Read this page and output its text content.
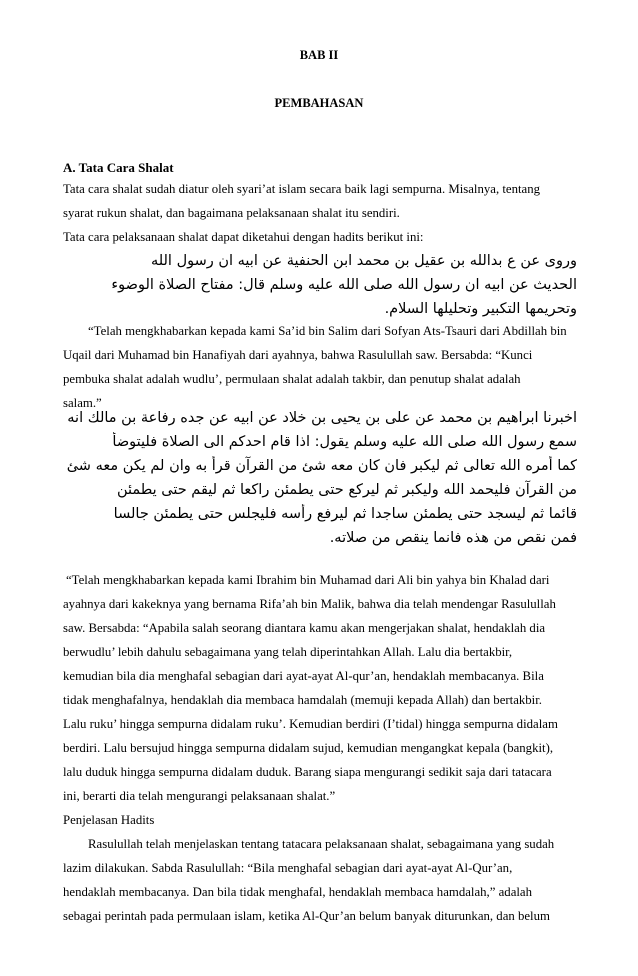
BAB II
PEMBAHASAN
A. Tata Cara Shalat
Tata cara shalat sudah diatur oleh syari’at islam secara baik lagi sempurna. Misalnya, tentang
syarat rukun shalat, dan bagaimana pelaksanaan shalat itu sendiri.
Tata cara pelaksanaan shalat dapat diketahui dengan hadits berikut ini:
وروى عن ع بدالله بن عقيل بن محمد ابن الحنفية عن ابيه ان رسول الله
الحديث عن ابيه ان رسول الله صلى الله عليه وسلم قال: مفتاح الصلاة الوضوء
وتحريمها التكبير وتحليلها السلام.
“Telah mengkhabarkan kepada kami Sa’id bin Salim dari Sofyan Ats-Tsauri dari Abdillah bin
Uqail dari Muhamad bin Hanafiyah dari ayahnya, bahwa Rasulullah saw. Bersabda: “Kunci
pembuka shalat adalah wudlu’, permulaan shalat adalah takbir, dan penutup shalat adalah
salam.”
اخبرنا ابراهيم بن محمد عن على بن يحيى بن خلاد عن ابيه عن جده رفاعة بن مالك انه
سمع رسول الله صلى الله عليه وسلم يقول: اذا قام احدكم الى الصلاة فليتوضأ
كما أمره الله تعالى ثم ليكبر فان كان معه شئ من القرآن قرأ به وان لم يكن معه شئ
من القرآن فليحمد الله وليكبر ثم ليركع حتى يطمئن راكعا ثم ليقم حتى يطمئن
قائما ثم ليسجد حتى يطمئن ساجدا ثم ليرفع رأسه فليجلس حتى يطمئن جالسا
فمن نقص من هذه فانما ينقص من صلاته.
“Telah mengkhabarkan kepada kami Ibrahim bin Muhamad dari Ali bin yahya bin Khalad dari
ayahnya dari kakeknya yang bernama Rifa’ah bin Malik, bahwa dia telah mendengar Rasulullah
saw. Bersabda: “Apabila salah seorang diantara kamu akan mengerjakan shalat, hendaklah dia
berwudlu’ lebih dahulu sebagaimana yang telah diperintahkan Allah. Lalu dia bertakbir,
kemudian bila dia menghafal sebagian dari ayat-ayat Al-qur’an, hendaklah membacanya. Bila
tidak menghafalnya, hendaklah dia membaca hamdalah (memuji kepada Allah) dan bertakbir.
Lalu ruku’ hingga sempurna didalam ruku’. Kemudian berdiri (I’tidal) hingga sempurna didalam
berdiri. Lalu bersujud hingga sempurna didalam sujud, kemudian mengangkat kepala (bangkit),
lalu duduk hingga sempurna didalam duduk. Barang siapa mengurangi sedikit saja dari tatacara
ini, berarti dia telah mengurangi pelaksanaan shalat.”
Penjelasan Hadits
Rasulullah telah menjelaskan tentang tatacara pelaksanaan shalat, sebagaimana yang sudah
lazim dilakukan. Sabda Rasulullah: “Bila menghafal sebagian dari ayat-ayat Al-Qur’an,
hendaklah membacanya. Dan bila tidak menghafal, hendaklah membaca hamdalah,” adalah
sebagai perintah pada permulaan islam, ketika Al-Qur’an belum banyak diturunkan, dan belum
